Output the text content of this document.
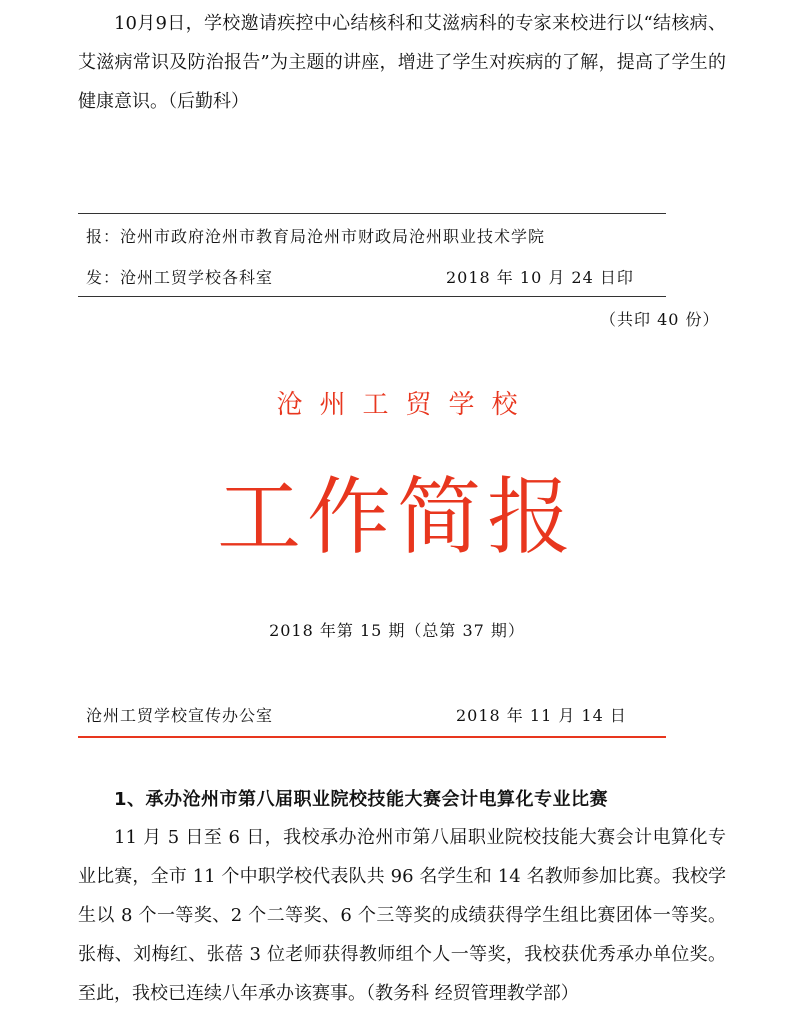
10月9日，学校邀请疾控中心结核科和艾滋病科的专家来校进行以“结核病、艾滋病常识及防治报告”为主题的讲座，增进了学生对疾病的了解，提高了学生的健康意识。（后勤科）

报：沧州市政府沧州市教育局沧州市财政局沧州职业技术学院
发：沧州工贸学校各科室	2018 年 10 月 24 日印
（共印 40 份）
沧州工贸学校
工作简报
2018 年第 15 期（总第 37 期）
沧州工贸学校宣传办公室	2018 年 11 月 14 日
1、承办沧州市第八届职业院校技能大赛会计电算化专业比赛

11 月 5 日至 6 日，我校承办沧州市第八届职业院校技能大赛会计电算化专业比赛，全市 11 个中职学校代表队共 96 名学生和 14 名教师参加比赛。我校学生以 8 个一等奖、2 个二等奖、6 个三等奖的成绩获得学生组比赛团体一等奖。张梅、刘梅红、张蓓 3 位老师获得教师组个人一等奖，我校获优秀承办单位奖。至此，我校已连续八年承办该赛事。（教务科 经贸管理教学部）
